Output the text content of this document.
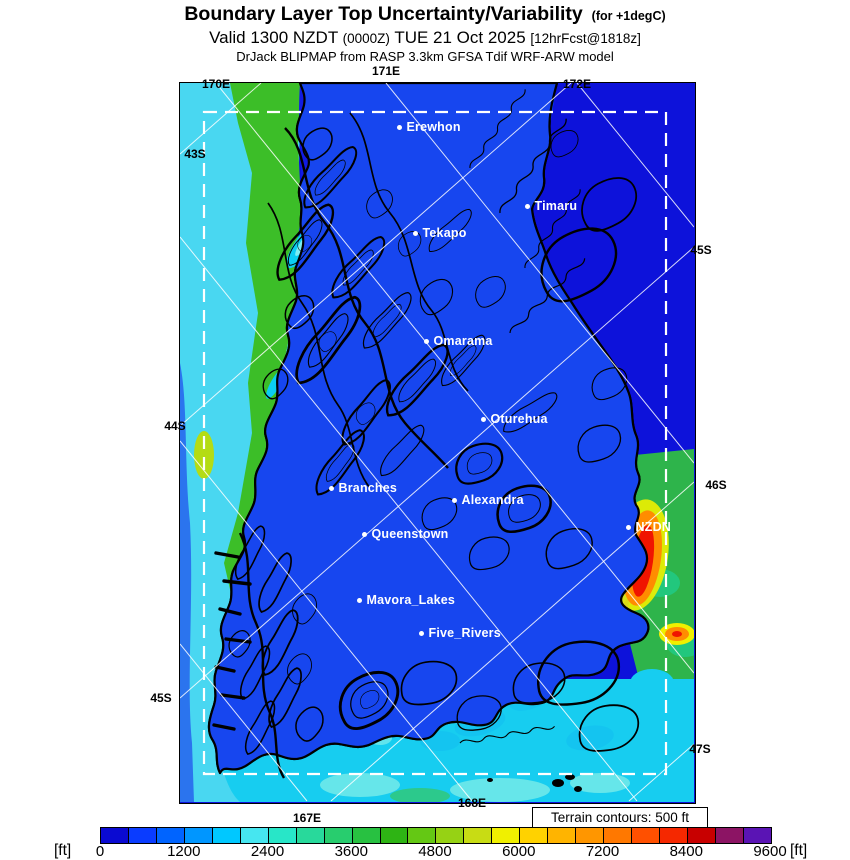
Boundary Layer Top Uncertainty/Variability (for +1degC)
Valid 1300 NZDT (0000Z) TUE 21 Oct 2025 [12hrFcst@1818z]
DrJack BLIPMAP from RASP 3.3km GFSA Tdif WRF-ARW model
170E
171E
172E
167E
168E
43S
44S
45S
45S
46S
47S
Erewhon
Timaru
Tekapo
Omarama
Oturehua
Branches
Alexandra
Queenstown	NZDN
Mavora_Lakes
Five_Rivers
Terrain contours: 500 ft
[ft] 0	1200	2400	3600	4800	6000	7200	8400	9600 [ft]
